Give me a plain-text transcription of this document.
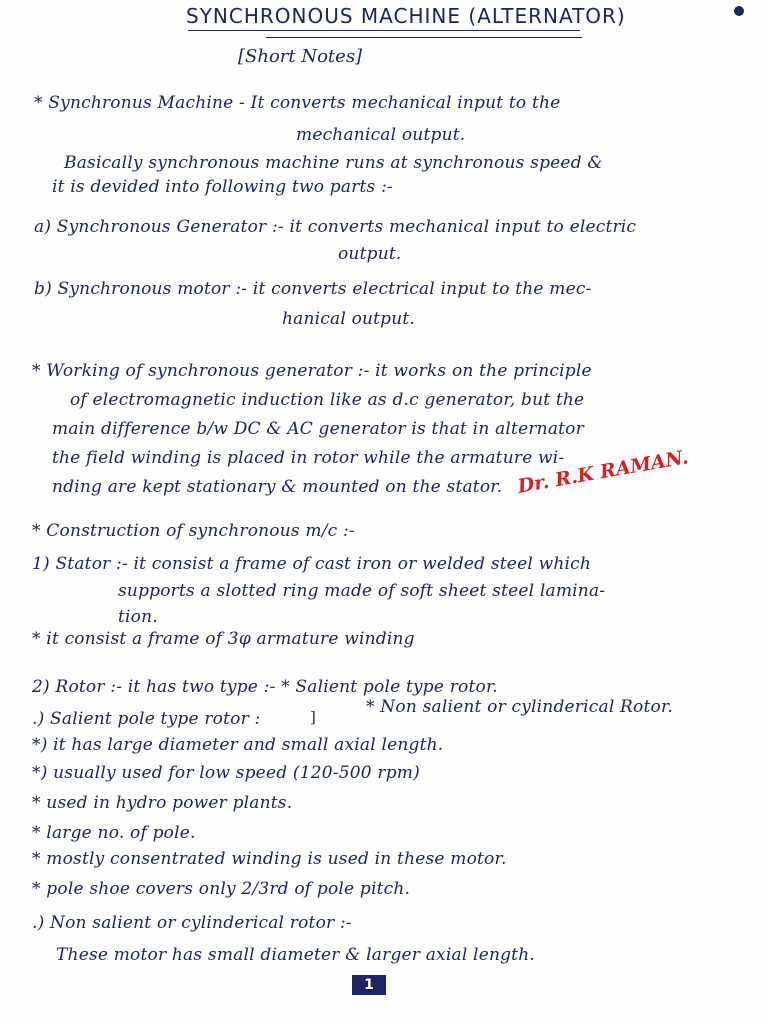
SYNCHRONOUS MACHINE (ALTERNATOR)
[Short Notes]
* Synchronus Machine - It converts mechanical input to the
mechanical output.
Basically synchronous machine runs at synchronous speed &
it is devided into following two parts :-
a) Synchronous Generator :- it converts mechanical input to electric
output.
b) Synchronous motor :- it converts electrical input to the mec-
hanical output.
* Working of synchronous generator :- it works on the principle
of electromagnetic induction like as d.c generator, but the
main difference b/w DC & AC generator is that in alternator
the field winding is placed in rotor while the armature wi-
nding are kept stationary & mounted on the stator.
* Construction of synchronous m/c :-
1) Stator :- it consist a frame of cast iron or welded steel which
supports a slotted ring made of soft sheet steel lamina-
tion.
* it consist a frame of 3φ armature winding
2) Rotor :- it has two type :- * Salient pole type rotor.
* Non salient or cylinderical Rotor.
.) Salient pole type rotor :
*) it has large diameter and small axial length.
*) usually used for low speed (120-500 rpm)
* used in hydro power plants.
* large no. of pole.
* mostly consentrated winding is used in these motor.
* pole shoe covers only 2/3rd of pole pitch.
.) Non salient or cylinderical rotor :-
These motor has small diameter & larger axial length.
]
Dr. R.K RAMAN.
1
